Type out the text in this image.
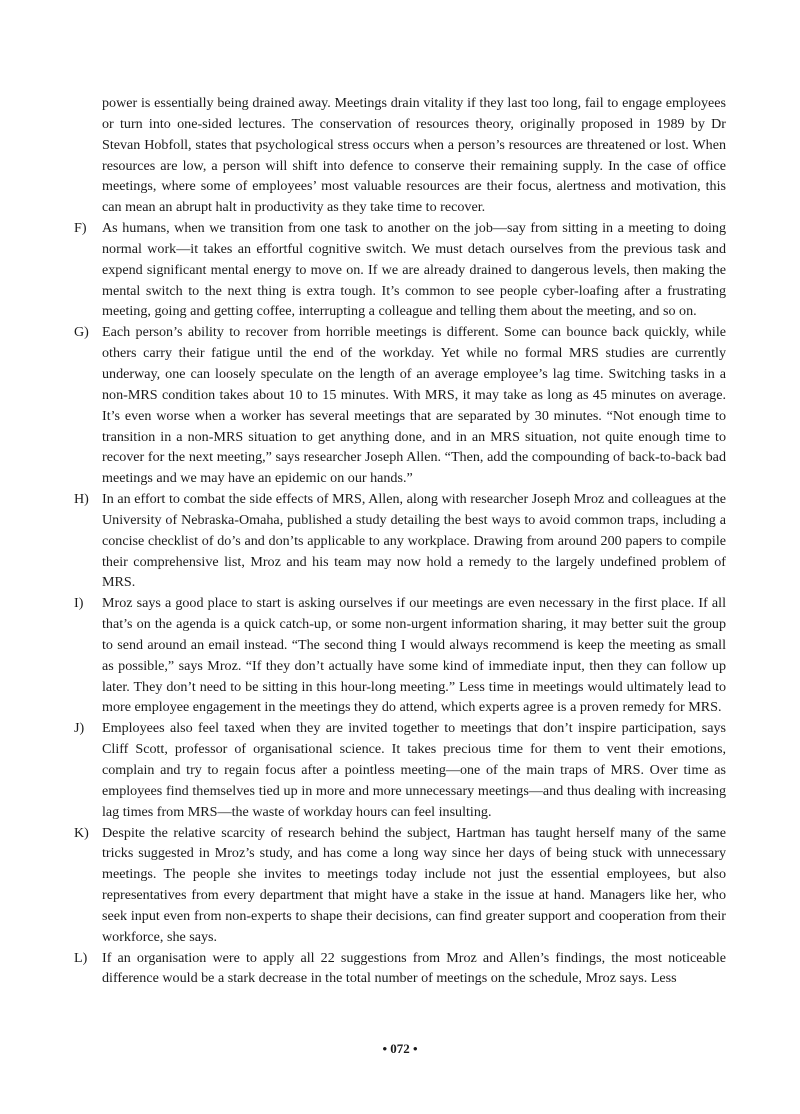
power is essentially being drained away. Meetings drain vitality if they last too long, fail to engage employees or turn into one-sided lectures. The conservation of resources theory, originally proposed in 1989 by Dr Stevan Hobfoll, states that psychological stress occurs when a person’s resources are threatened or lost. When resources are low, a person will shift into defence to conserve their remaining supply. In the case of office meetings, where some of employees’ most valuable resources are their focus, alertness and motivation, this can mean an abrupt halt in productivity as they take time to recover.

F) As humans, when we transition from one task to another on the job—say from sitting in a meeting to doing normal work—it takes an effortful cognitive switch. We must detach ourselves from the previous task and expend significant mental energy to move on. If we are already drained to dangerous levels, then making the mental switch to the next thing is extra tough. It’s common to see people cyber-loafing after a frustrating meeting, going and getting coffee, interrupting a colleague and telling them about the meeting, and so on.

G) Each person’s ability to recover from horrible meetings is different. Some can bounce back quickly, while others carry their fatigue until the end of the workday. Yet while no formal MRS studies are currently underway, one can loosely speculate on the length of an average employee’s lag time. Switching tasks in a non-MRS condition takes about 10 to 15 minutes. With MRS, it may take as long as 45 minutes on average. It’s even worse when a worker has several meetings that are separated by 30 minutes. “Not enough time to transition in a non-MRS situation to get anything done, and in an MRS situation, not quite enough time to recover for the next meeting,” says researcher Joseph Allen. “Then, add the compounding of back-to-back bad meetings and we may have an epidemic on our hands.”

H) In an effort to combat the side effects of MRS, Allen, along with researcher Joseph Mroz and colleagues at the University of Nebraska-Omaha, published a study detailing the best ways to avoid common traps, including a concise checklist of do’s and don’ts applicable to any workplace. Drawing from around 200 papers to compile their comprehensive list, Mroz and his team may now hold a remedy to the largely undefined problem of MRS.

I) Mroz says a good place to start is asking ourselves if our meetings are even necessary in the first place. If all that’s on the agenda is a quick catch-up, or some non-urgent information sharing, it may better suit the group to send around an email instead. “The second thing I would always recommend is keep the meeting as small as possible,” says Mroz. “If they don’t actually have some kind of immediate input, then they can follow up later. They don’t need to be sitting in this hour-long meeting.” Less time in meetings would ultimately lead to more employee engagement in the meetings they do attend, which experts agree is a proven remedy for MRS.

J) Employees also feel taxed when they are invited together to meetings that don’t inspire participation, says Cliff Scott, professor of organisational science. It takes precious time for them to vent their emotions, complain and try to regain focus after a pointless meeting—one of the main traps of MRS. Over time as employees find themselves tied up in more and more unnecessary meetings—and thus dealing with increasing lag times from MRS—the waste of workday hours can feel insulting.

K) Despite the relative scarcity of research behind the subject, Hartman has taught herself many of the same tricks suggested in Mroz’s study, and has come a long way since her days of being stuck with unnecessary meetings. The people she invites to meetings today include not just the essential employees, but also representatives from every department that might have a stake in the issue at hand. Managers like her, who seek input even from non-experts to shape their decisions, can find greater support and cooperation from their workforce, she says.

L) If an organisation were to apply all 22 suggestions from Mroz and Allen’s findings, the most noticeable difference would be a stark decrease in the total number of meetings on the schedule, Mroz says. Less

• 072 •
